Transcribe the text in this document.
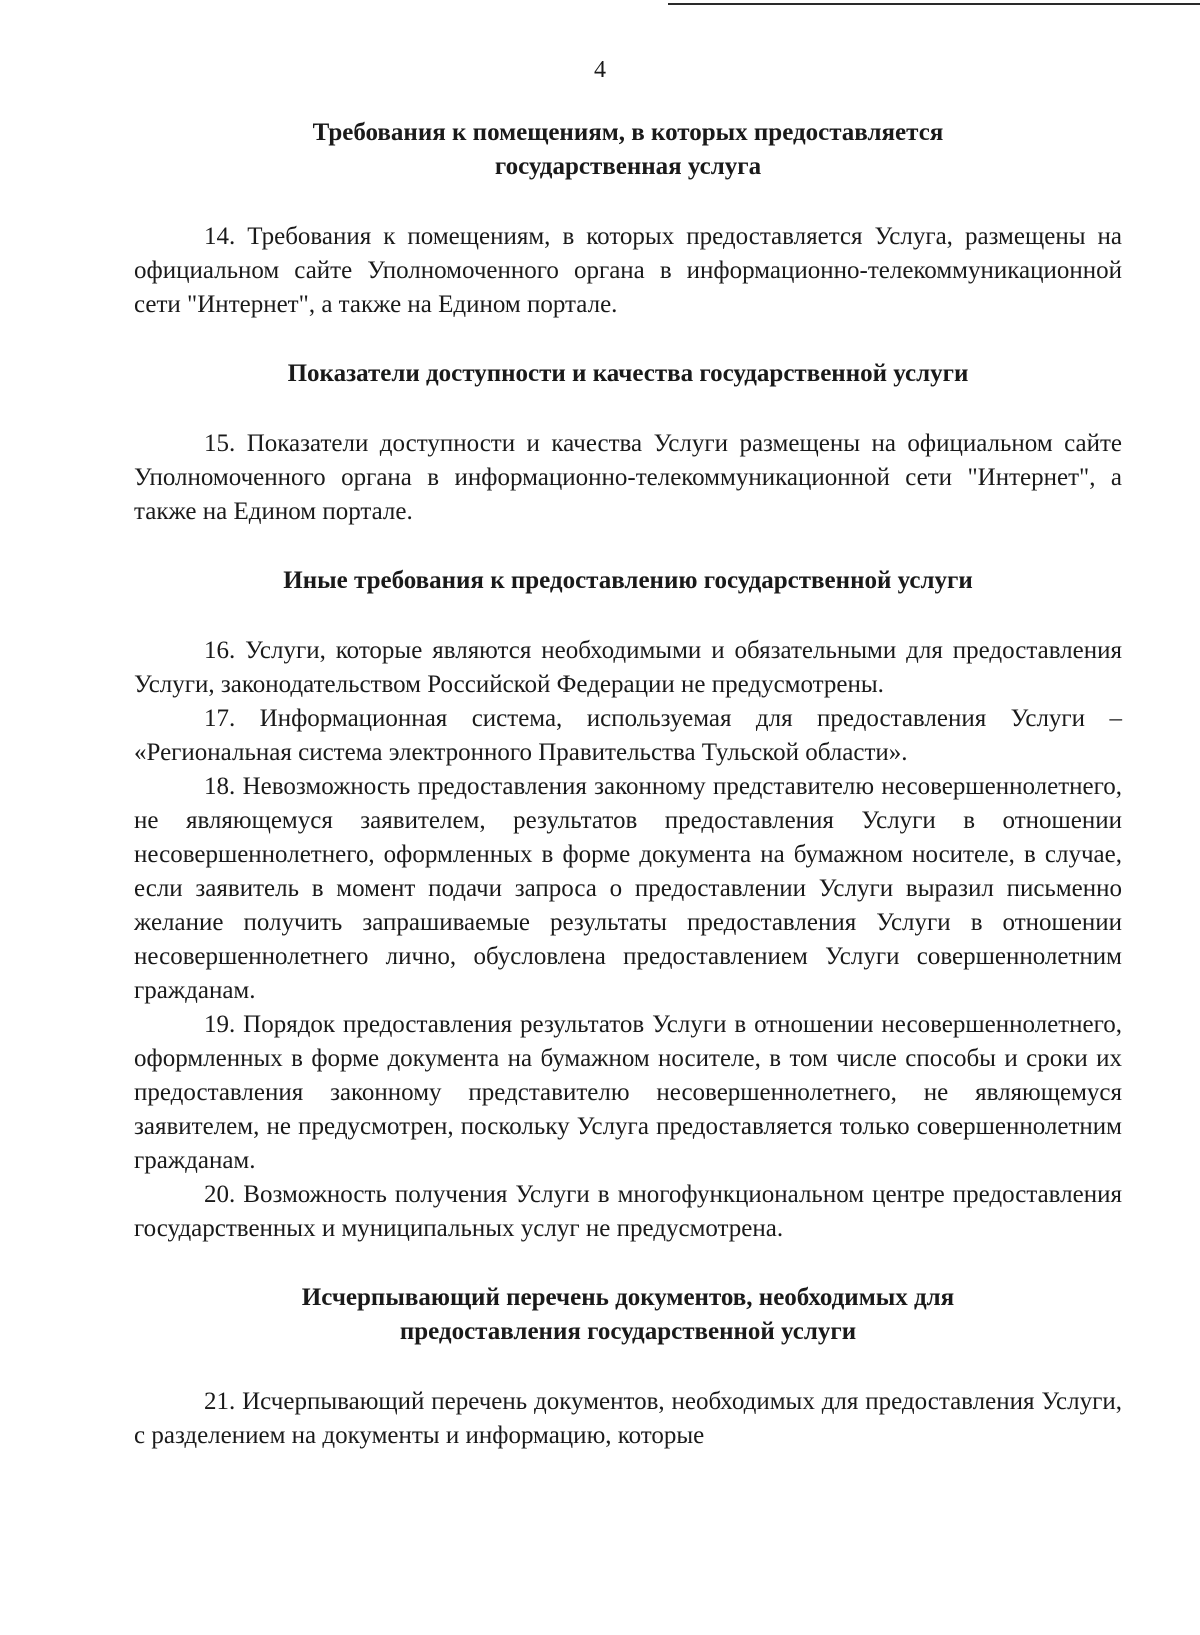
4
Требования к помещениям, в которых предоставляется
государственная услуга

14. Требования к помещениям, в которых предоставляется Услуга, размещены на официальном сайте Уполномоченного органа в информационно-телекоммуникационной сети "Интернет", а также на Едином портале.

Показатели доступности и качества государственной услуги

15. Показатели доступности и качества Услуги размещены на официальном сайте Уполномоченного органа в информационно-телекоммуникационной сети "Интернет", а также на Едином портале.

Иные требования к предоставлению государственной услуги

16. Услуги, которые являются необходимыми и обязательными для предоставления Услуги, законодательством Российской Федерации не предусмотрены.

17. Информационная система, используемая для предоставления Услуги – «Региональная система электронного Правительства Тульской области».

18. Невозможность предоставления законному представителю несовершеннолетнего, не являющемуся заявителем, результатов предоставления Услуги в отношении несовершеннолетнего, оформленных в форме документа на бумажном носителе, в случае, если заявитель в момент подачи запроса о предоставлении Услуги выразил письменно желание получить запрашиваемые результаты предоставления Услуги в отношении несовершеннолетнего лично, обусловлена предоставлением Услуги совершеннолетним гражданам.

19. Порядок предоставления результатов Услуги в отношении несовершеннолетнего, оформленных в форме документа на бумажном носителе, в том числе способы и сроки их предоставления законному представителю несовершеннолетнего, не являющемуся заявителем, не предусмотрен, поскольку Услуга предоставляется только совершеннолетним гражданам.

20. Возможность получения Услуги в многофункциональном центре предоставления государственных и муниципальных услуг не предусмотрена.

Исчерпывающий перечень документов, необходимых для
предоставления государственной услуги

21. Исчерпывающий перечень документов, необходимых для предоставления Услуги, с разделением на документы и информацию, которые
